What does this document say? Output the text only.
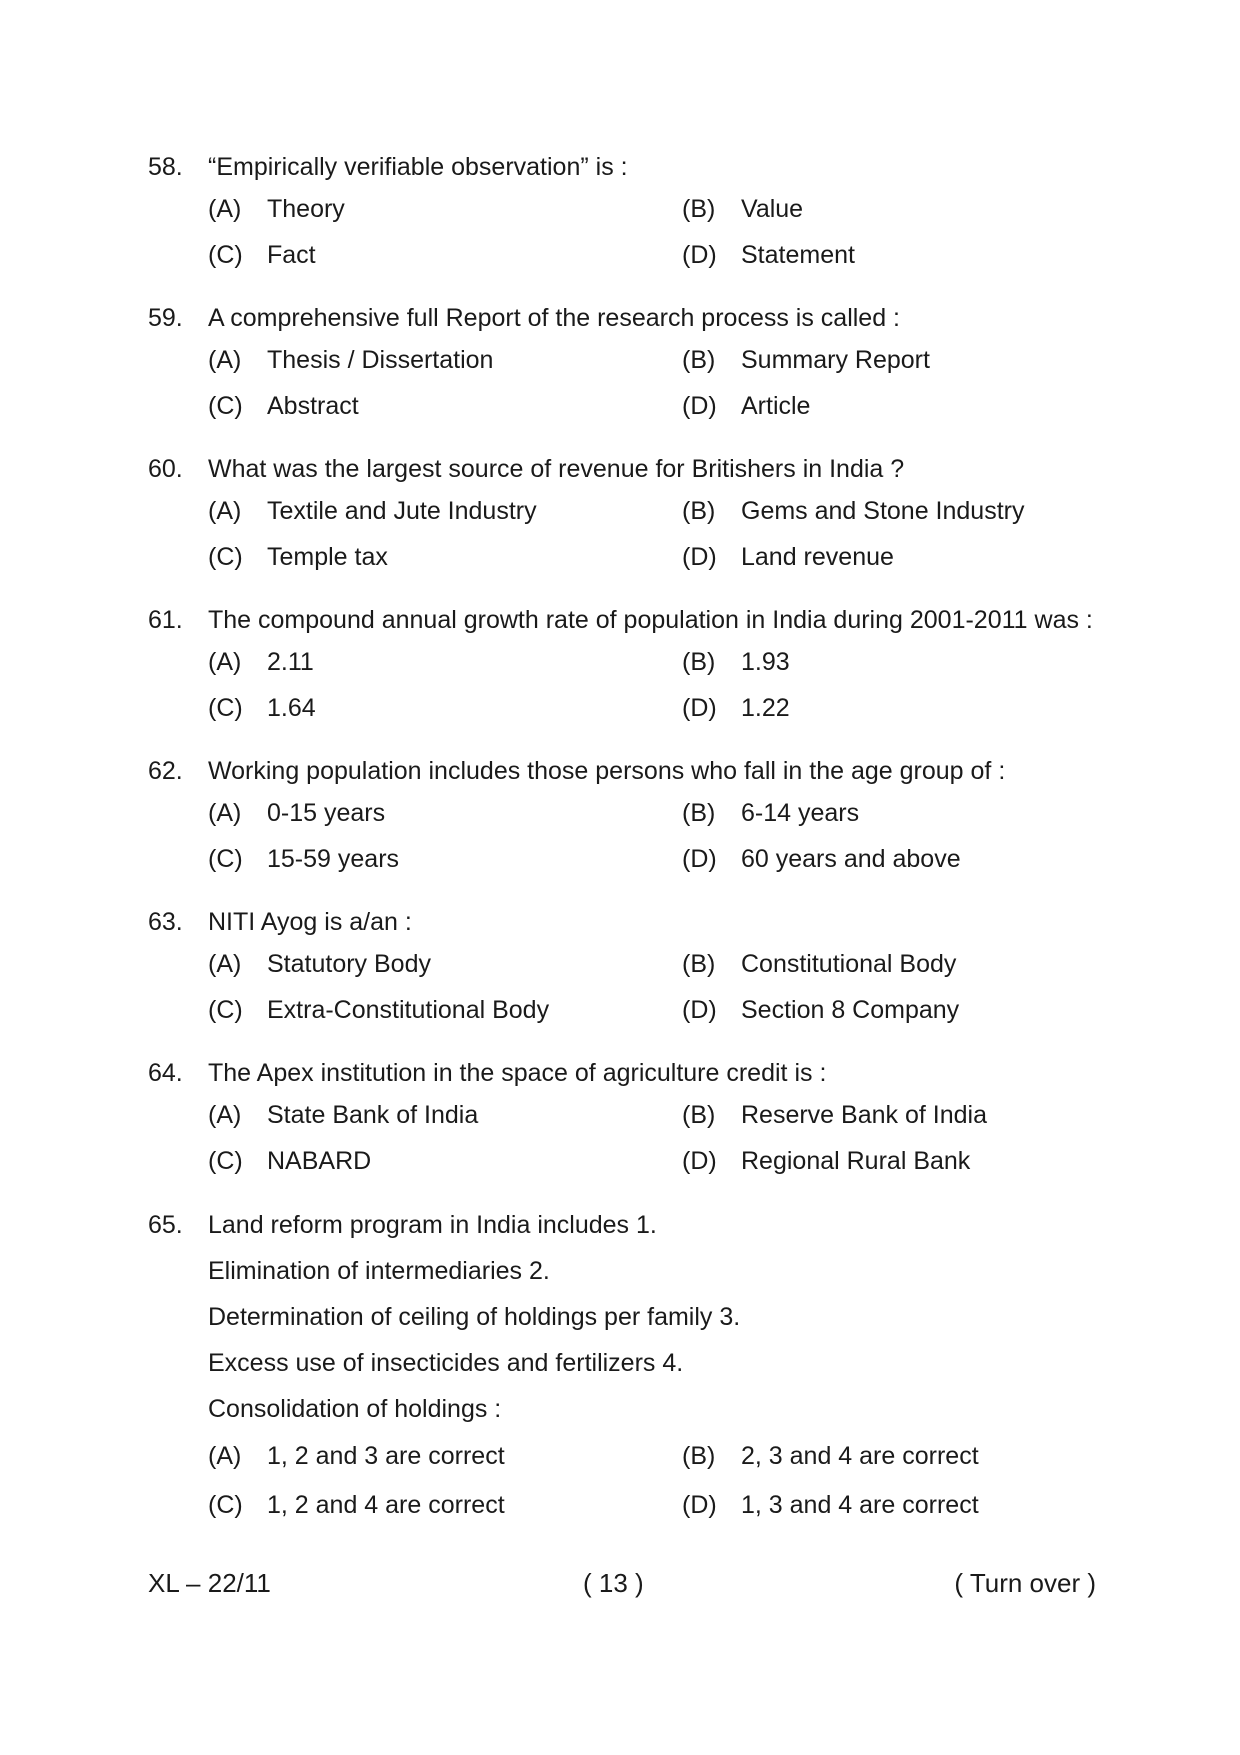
58. “Empirically verifiable observation” is :
(A) Theory	(B) Value
(C) Fact	(D) Statement
59. A comprehensive full Report of the research process is called :
(A) Thesis / Dissertation	(B) Summary Report
(C) Abstract	(D) Article
60. What was the largest source of revenue for Britishers in India ?
(A) Textile and Jute Industry	(B) Gems and Stone Industry
(C) Temple tax	(D) Land revenue
61. The compound annual growth rate of population in India during 2001-2011 was :
(A) 2.11	(B) 1.93
(C) 1.64	(D) 1.22
62. Working population includes those persons who fall in the age group of :
(A) 0-15 years	(B) 6-14 years
(C) 15-59 years	(D) 60 years and above
63. NITI Ayog is a/an :
(A) Statutory Body	(B) Constitutional Body
(C) Extra-Constitutional Body	(D) Section 8 Company
64. The Apex institution in the space of agriculture credit is :
(A) State Bank of India	(B) Reserve Bank of India
(C) NABARD	(D) Regional Rural Bank
65. Land reform program in India includes 1.
Elimination of intermediaries 2.
Determination of ceiling of holdings per family 3.
Excess use of insecticides and fertilizers 4.
Consolidation of holdings :
(A) 1, 2 and 3 are correct	(B) 2, 3 and 4 are correct
(C) 1, 2 and 4 are correct	(D) 1, 3 and 4 are correct
XL – 22/11	( 13 )	( Turn over )
